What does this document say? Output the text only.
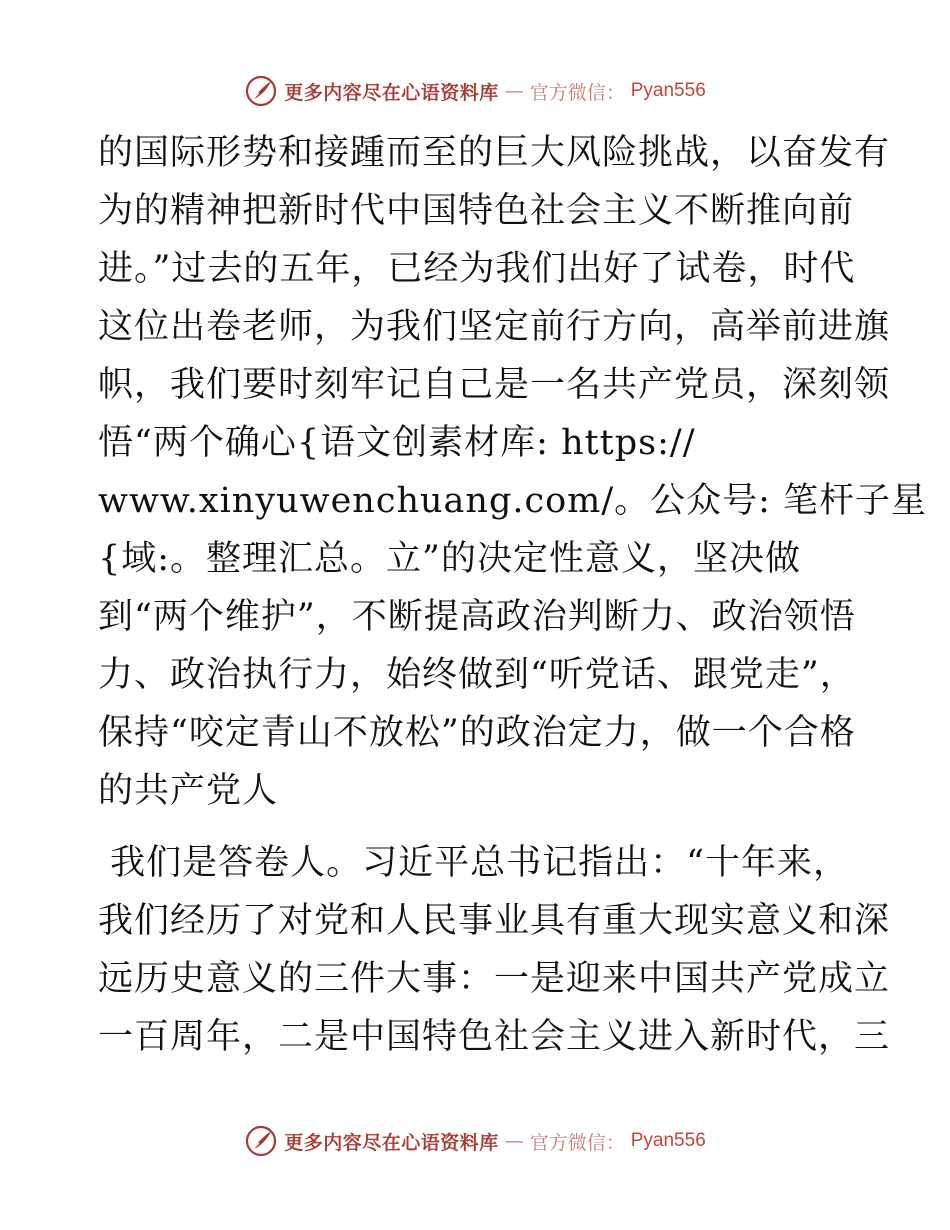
更多内容尽在心语资料库 — 官方微信： Pyan556
的国际形势和接踵而至的巨大风险挑战，以奋发有
为的精神把新时代中国特色社会主义不断推向前
进。”过去的五年，已经为我们出好了试卷，时代
这位出卷老师，为我们坚定前行方向，高举前进旗
帜，我们要时刻牢记自己是一名共产党员，深刻领
悟“两个确心{语文创素材库: https://
www.xinyuwenchuang.com/。公众号: 笔杆子星
{域:。整理汇总。立”的决定性意义，坚决做
到“两个维护”，不断提高政治判断力、政治领悟
力、政治执行力，始终做到“听党话、跟党走”，
保持“咬定青山不放松”的政治定力，做一个合格
的共产党人
我们是答卷人。习近平总书记指出：“十年来，
我们经历了对党和人民事业具有重大现实意义和深
远历史意义的三件大事：一是迎来中国共产党成立
一百周年，二是中国特色社会主义进入新时代，三
更多内容尽在心语资料库 — 官方微信： Pyan556
